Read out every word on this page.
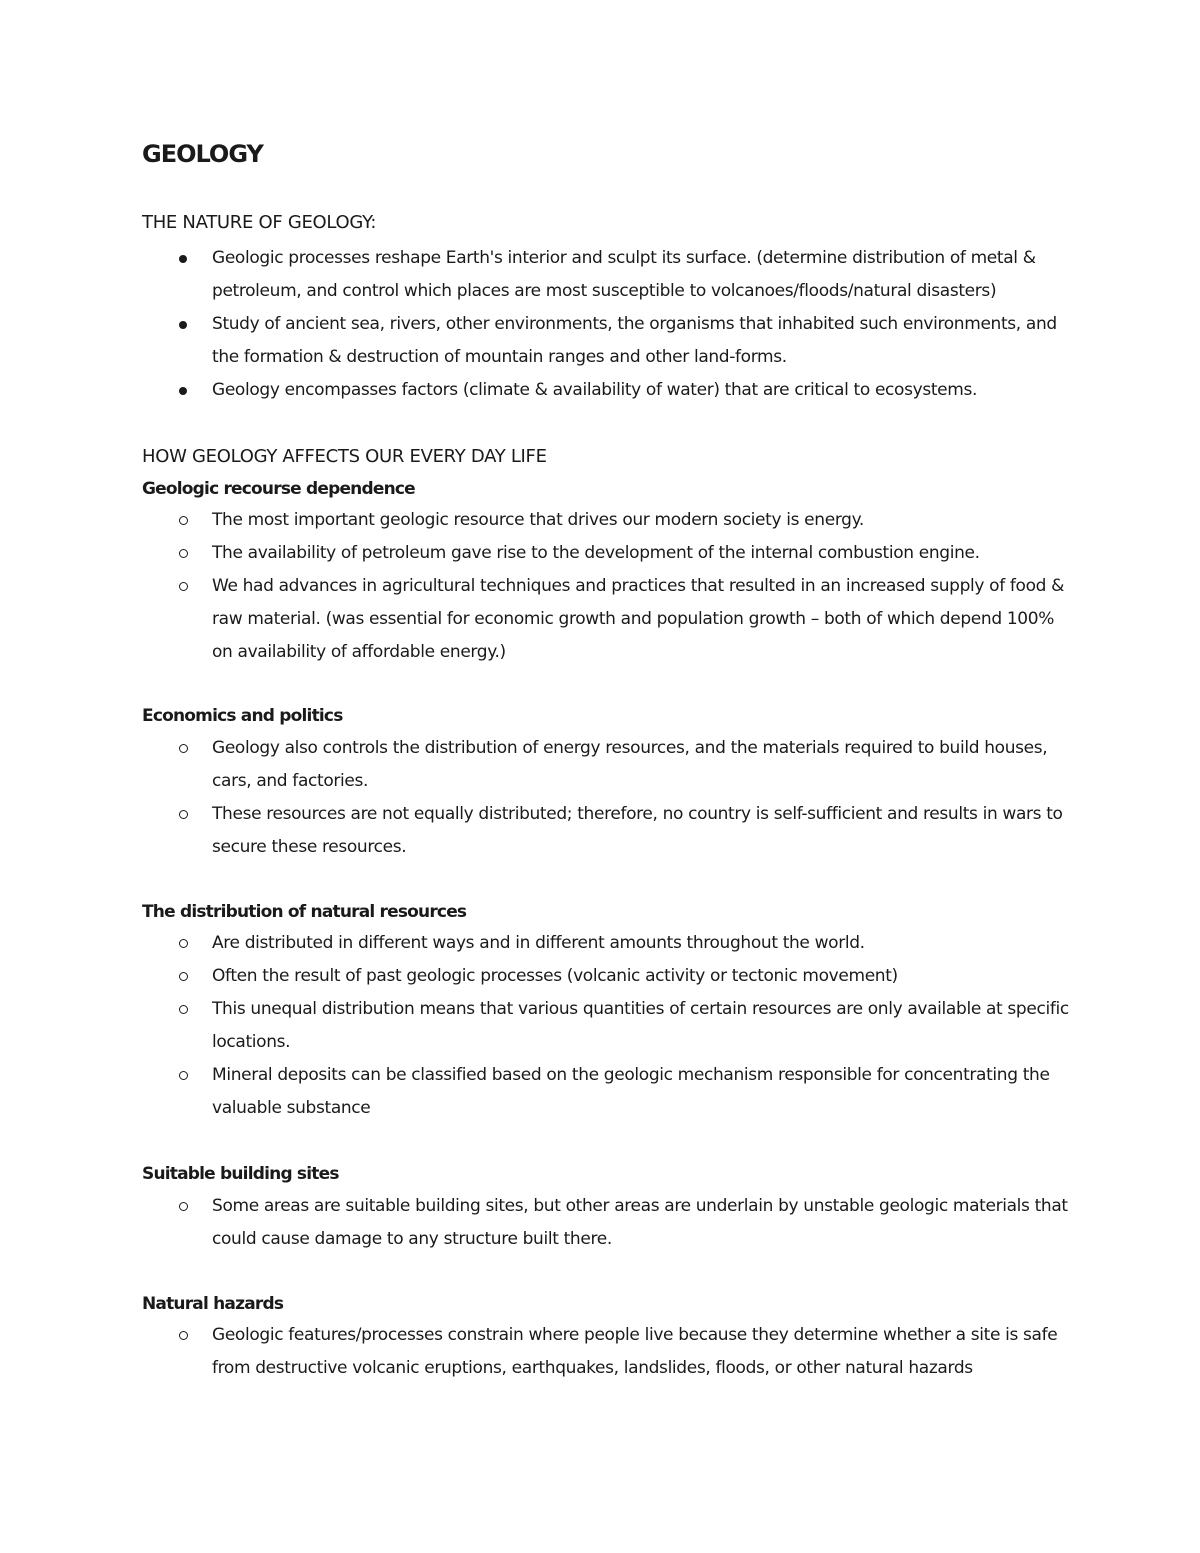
GEOLOGY
THE NATURE OF GEOLOGY:
Geologic processes reshape Earth's interior and sculpt its surface. (determine distribution of metal & petroleum, and control which places are most susceptible to volcanoes/floods/natural disasters)
Study of ancient sea, rivers, other environments, the organisms that inhabited such environments, and the formation & destruction of mountain ranges and other land-forms.
Geology encompasses factors (climate & availability of water) that are critical to ecosystems.
HOW GEOLOGY AFFECTS OUR EVERY DAY LIFE
Geologic recourse dependence
The most important geologic resource that drives our modern society is energy.
The availability of petroleum gave rise to the development of the internal combustion engine.
We had advances in agricultural techniques and practices that resulted in an increased supply of food & raw material. (was essential for economic growth and population growth – both of which depend 100% on availability of affordable energy.)
Economics and politics
Geology also controls the distribution of energy resources, and the materials required to build houses, cars, and factories.
These resources are not equally distributed; therefore, no country is self-sufficient and results in wars to secure these resources.
The distribution of natural resources
Are distributed in different ways and in different amounts throughout the world.
Often the result of past geologic processes (volcanic activity or tectonic movement)
This unequal distribution means that various quantities of certain resources are only available at specific locations.
Mineral deposits can be classified based on the geologic mechanism responsible for concentrating the valuable substance
Suitable building sites
Some areas are suitable building sites, but other areas are underlain by unstable geologic materials that could cause damage to any structure built there.
Natural hazards
Geologic features/processes constrain where people live because they determine whether a site is safe from destructive volcanic eruptions, earthquakes, landslides, floods, or other natural hazards
